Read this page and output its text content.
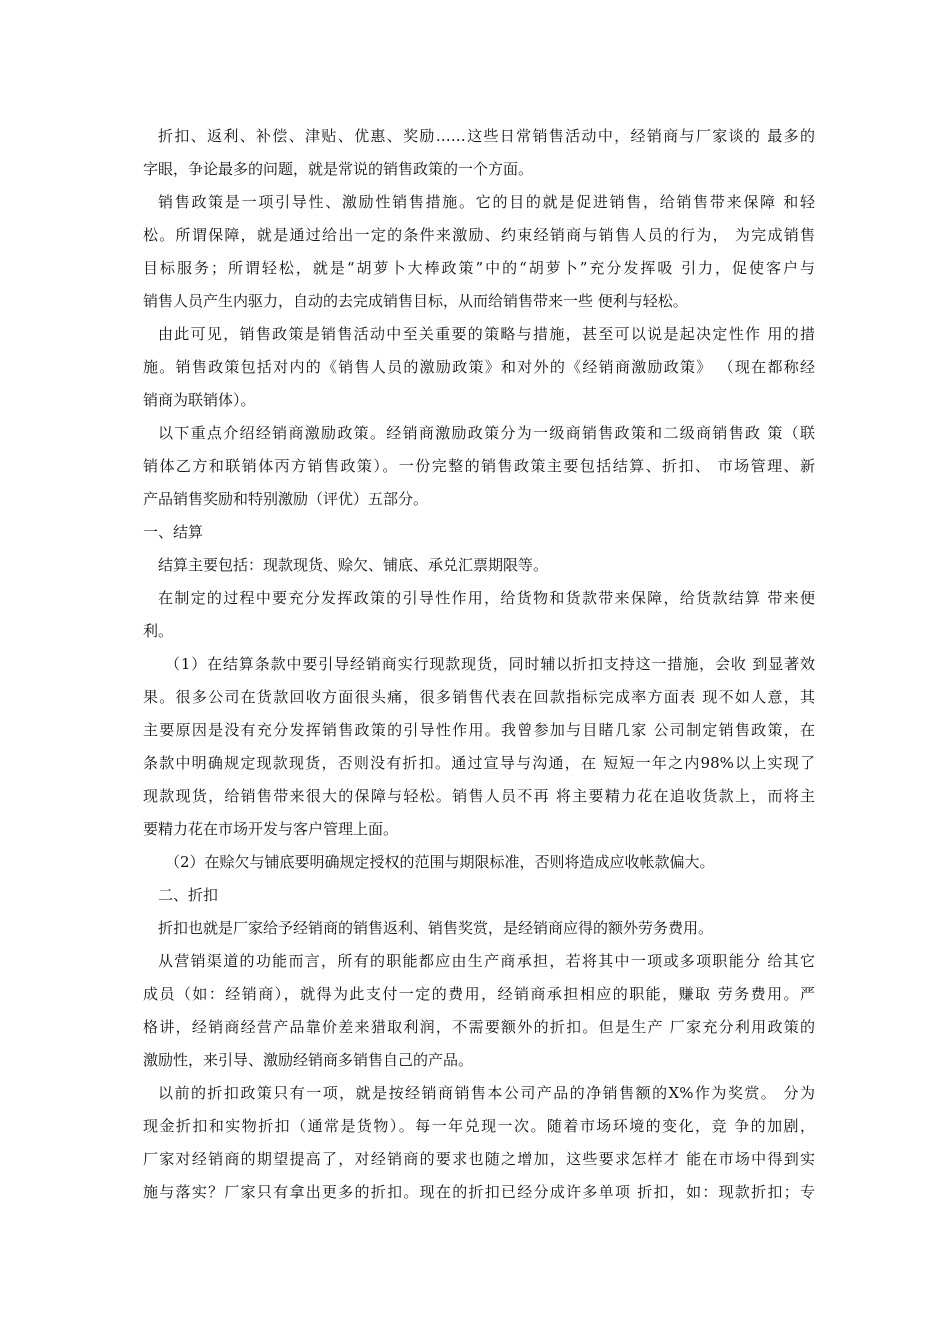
折扣、返利、补偿、津贴、优惠、奖励……这些日常销售活动中，经销商与厂家谈的 最多的
字眼，争论最多的问题，就是常说的销售政策的一个方面。
销售政策是一项引导性、激励性销售措施。它的目的就是促进销售，给销售带来保障 和轻
松。所谓保障，就是通过给出一定的条件来激励、约束经销商与销售人员的行为， 为完成销售
目标服务；所谓轻松，就是“胡萝卜大棒政策”中的“胡萝卜”充分发挥吸 引力，促使客户与
销售人员产生内驱力，自动的去完成销售目标，从而给销售带来一些 便利与轻松。
由此可见，销售政策是销售活动中至关重要的策略与措施，甚至可以说是起决定性作 用的措
施。销售政策包括对内的《销售人员的激励政策》和对外的《经销商激励政策》 （现在都称经
销商为联销体）。
以下重点介绍经销商激励政策。经销商激励政策分为一级商销售政策和二级商销售政 策（联
销体乙方和联销体丙方销售政策）。一份完整的销售政策主要包括结算、折扣、 市场管理、新
产品销售奖励和特别激励（评优）五部分。
一、结算
结算主要包括：现款现货、赊欠、铺底、承兑汇票期限等。
在制定的过程中要充分发挥政策的引导性作用，给货物和货款带来保障，给货款结算 带来便
利。
（1）在结算条款中要引导经销商实行现款现货，同时辅以折扣支持这一措施，会收 到显著效
果。很多公司在货款回收方面很头痛，很多销售代表在回款指标完成率方面表 现不如人意，其
主要原因是没有充分发挥销售政策的引导性作用。我曾参加与目睹几家 公司制定销售政策，在
条款中明确规定现款现货，否则没有折扣。通过宣导与沟通，在 短短一年之内98%以上实现了
现款现货，给销售带来很大的保障与轻松。销售人员不再 将主要精力花在追收货款上，而将主
要精力花在市场开发与客户管理上面。
（2）在赊欠与铺底要明确规定授权的范围与期限标准，否则将造成应收帐款偏大。
二、折扣
折扣也就是厂家给予经销商的销售返利、销售奖赏，是经销商应得的额外劳务费用。
从营销渠道的功能而言，所有的职能都应由生产商承担，若将其中一项或多项职能分 给其它
成员（如：经销商），就得为此支付一定的费用，经销商承担相应的职能，赚取 劳务费用。严
格讲，经销商经营产品靠价差来猎取利润，不需要额外的折扣。但是生产 厂家充分利用政策的
激励性，来引导、激励经销商多销售自己的产品。
以前的折扣政策只有一项，就是按经销商销售本公司产品的净销售额的X%作为奖赏。 分为
现金折扣和实物折扣（通常是货物）。每一年兑现一次。随着市场环境的变化，竞 争的加剧，
厂家对经销商的期望提高了，对经销商的要求也随之增加，这些要求怎样才 能在市场中得到实
施与落实？厂家只有拿出更多的折扣。现在的折扣已经分成许多单项 折扣，如：现款折扣；专
